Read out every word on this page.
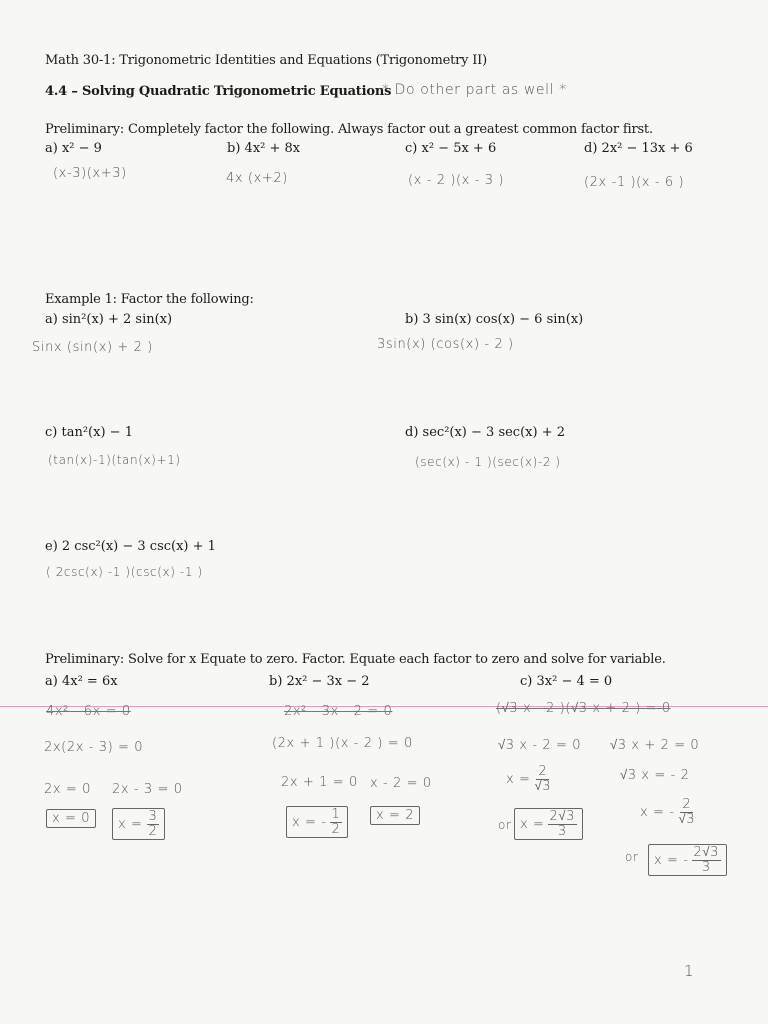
Math 30-1: Trigonometric Identities and Equations (Trigonometry II)
4.4 – Solving Quadratic Trigonometric Equations
* Do other part as well *
Preliminary: Completely factor the following. Always factor out a greatest common factor first.
a) x² − 9	b) 4x² + 8x	c) x² − 5x + 6	d) 2x² − 13x + 6
(x-3)(x+3)	4x (x+2)	(x - 2 )(x - 3 )	(2x -1 )(x - 6 )
Example 1: Factor the following:
a) sin²(x) + 2 sin(x)	b) 3 sin(x) cos(x) − 6 sin(x)
Sinx (sin(x) + 2 )	3sin(x) (cos(x) - 2 )
c) tan²(x) − 1	d) sec²(x) − 3 sec(x) + 2
(tan(x)-1)(tan(x)+1)	(sec(x) - 1 )(sec(x)-2 )
e) 2 csc²(x) − 3 csc(x) + 1
( 2csc(x) -1 )(csc(x) -1 )
Preliminary: Solve for x Equate to zero. Factor. Equate each factor to zero and solve for variable.
a) 4x² = 6x	b) 2x² − 3x − 2	c) 3x² − 4 = 0
4x² - 6x = 0
2x(2x - 3) = 0
2x = 0 2x - 3 = 0
x = 0	$x = \frac{3}{2}$
2x² - 3x - 2 = 0
(2x + 1 )(x - 2 ) = 0
2x + 1 = 0 x - 2 = 0
x = - $\frac{1}{2}$	x = 2
(√3 x - 2 )(√3 x + 2 ) = 0
√3 x - 2 = 0 √3 x + 2 = 0
√3 x = - 2
$x = \frac{2}{√3}$
x = - $\frac{2}{√3}$
or $x = \frac{2√3}{3}$
or x = - $\frac{2√3}{3}$
1
